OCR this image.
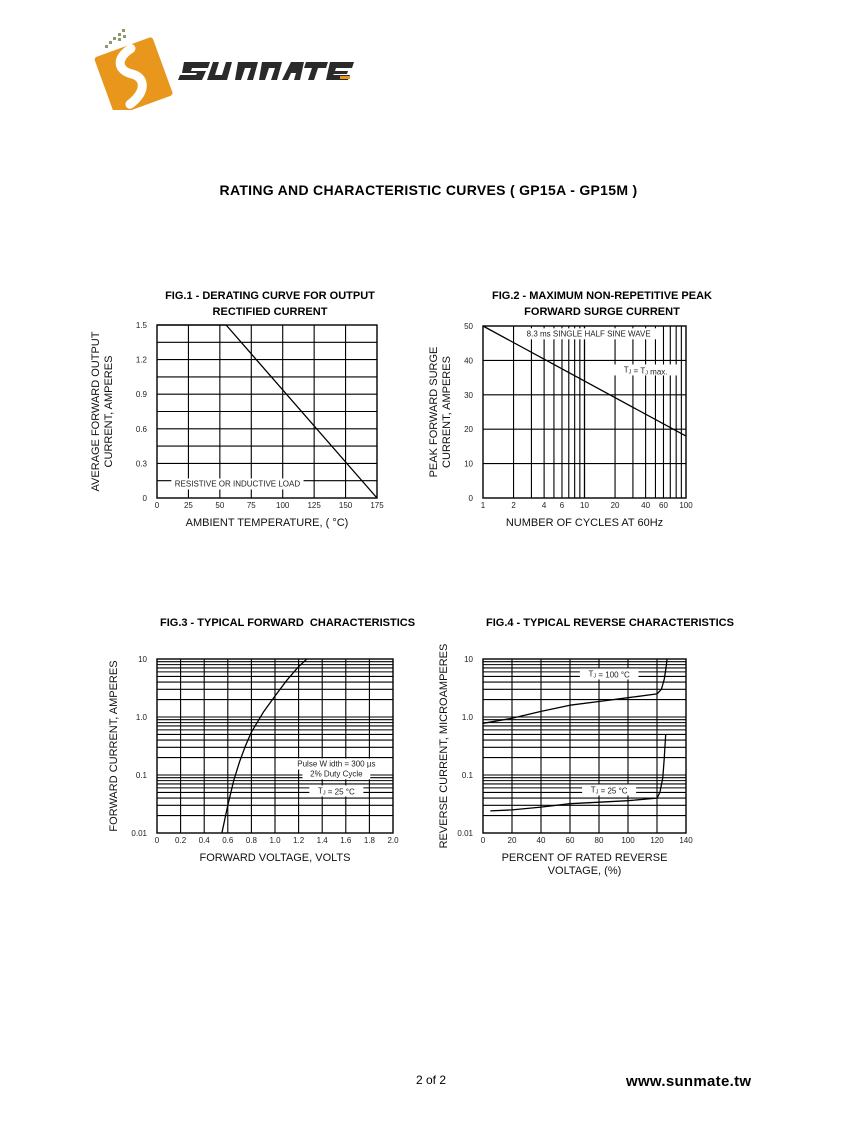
RATING AND CHARACTERISTIC CURVES ( GP15A - GP15M )
FIG.1 - DERATING CURVE FOR OUTPUT
RECTIFIED CURRENT
FIG.2 - MAXIMUM NON-REPETITIVE PEAK
FORWARD SURGE CURRENT
FIG.3 - TYPICAL FORWARD  CHARACTERISTICS	FIG.4 - TYPICAL REVERSE CHARACTERISTICS
RESISTIVE OR INDUCTIVE LOAD
0	25	50	75	100 125 150 175
0
0.3
0.6
0.9
1.2
1.5
AMBIENT TEMPERATURE, ( °C)
AVERAGE FORWARD OUTPUT CURRENT, AMPERES
8.3 ms SINGLE HALF SINE WAVE
TJ = TJ max.
1	2	4 6 10	20	40 60 100
0
10
20
30
40
50
NUMBER OF CYCLES AT 60Hz
PEAK FORWARD SURGE CURRENT, AMPERES
Pulse W idth = 300 µs
2% Duty Cycle
TJ = 25 °C
0 0.2 0.4 0.6 0.8 1.0 1.2 1.4 1.6 1.8 2.0
0.01
0.1
1.0
10
FORWARD VOLTAGE, VOLTS
FORWARD CURRENT, AMPERES	TJ = 100 °C
TJ = 25 °C
0	20	40	60	80 100 120 140
0.01
0.1
1.0
10
PERCENT OF RATED REVERSE
VOLTAGE, (%)
REVERSE CURRENT, MICROAMPERES
2 of 2	www.sunmate.tw
